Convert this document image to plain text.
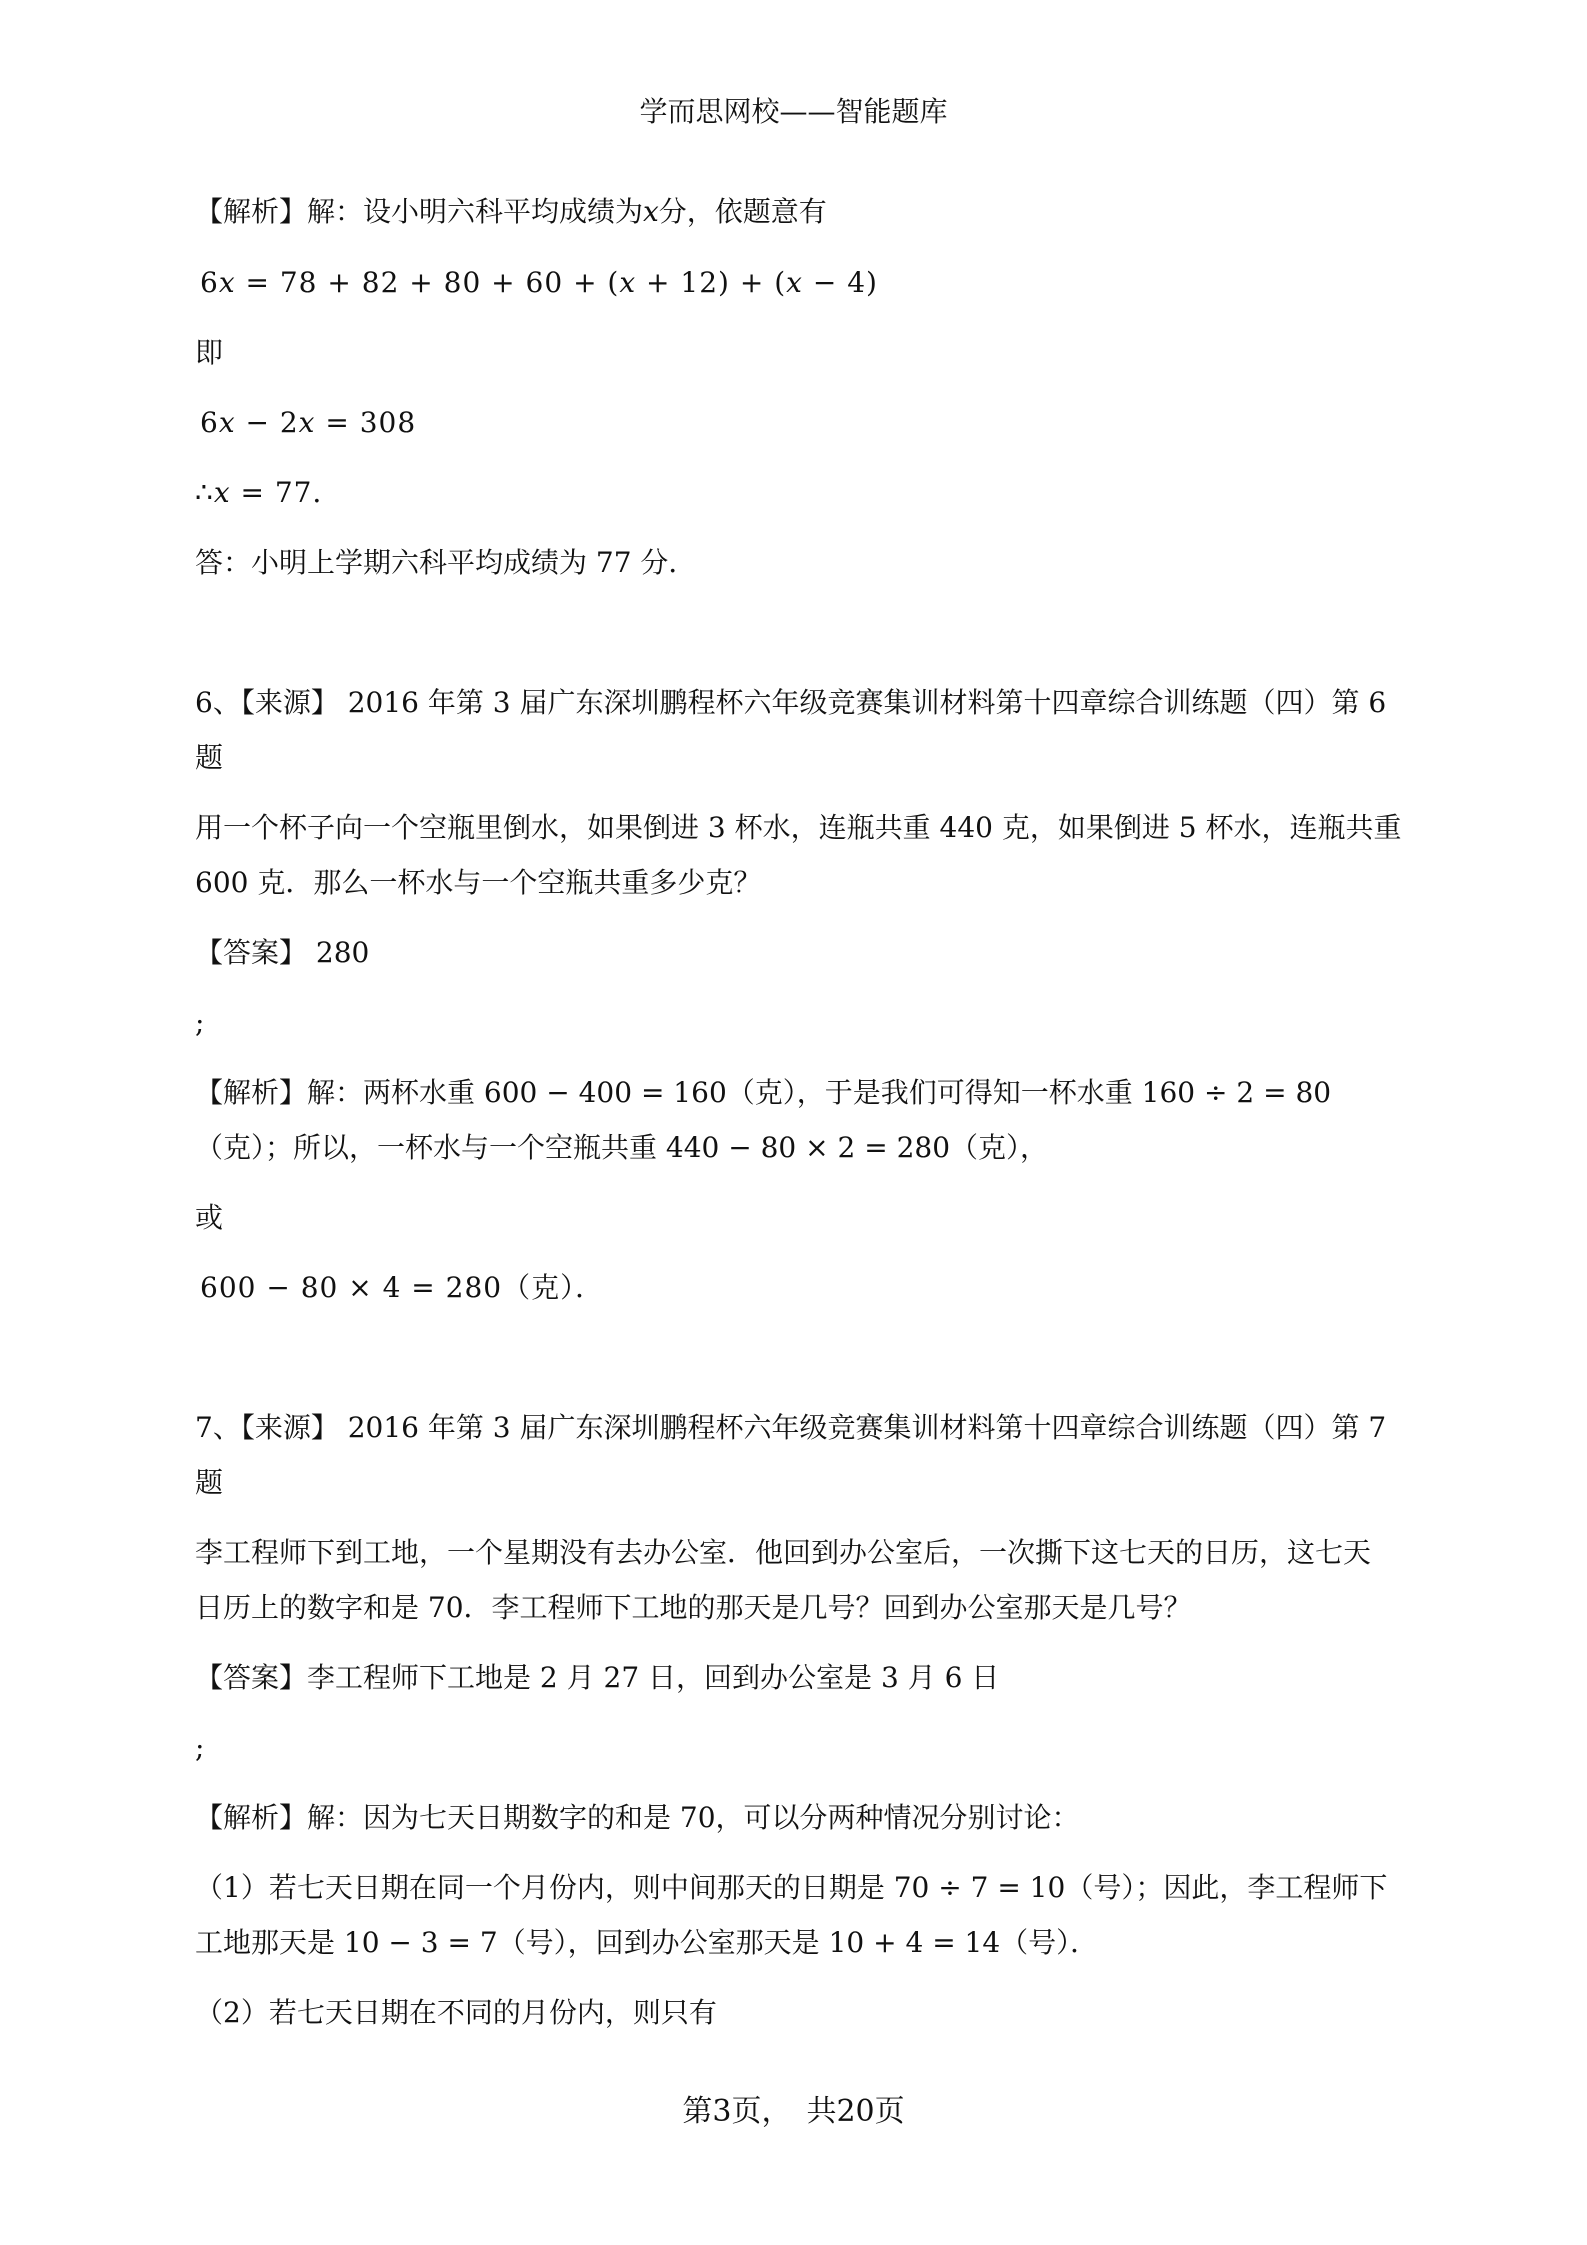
学而思网校——智能题库
【解析】解：设小明六科平均成绩为𝑥分，依题意有
6𝑥 = 78 + 82 + 80 + 60 + (𝑥 + 12) + (𝑥 − 4)
即
6𝑥 − 2𝑥 = 308
∴𝑥 = 77．
答：小明上学期六科平均成绩为 77 分．
6、【来源】 2016 年第 3 届广东深圳鹏程杯六年级竞赛集训材料第十四章综合训练题（四）第 6
题
用一个杯子向一个空瓶里倒水，如果倒进 3 杯水，连瓶共重 440 克，如果倒进 5 杯水，连瓶共重
600 克．那么一杯水与一个空瓶共重多少克？
【答案】 280
;
【解析】解：两杯水重 600 − 400 = 160（克），于是我们可得知一杯水重 160 ÷ 2 = 80
（克）；所以，一杯水与一个空瓶共重 440 − 80 × 2 = 280（克），
或
600 − 80 × 4 = 280（克）．
7、【来源】 2016 年第 3 届广东深圳鹏程杯六年级竞赛集训材料第十四章综合训练题（四）第 7
题
李工程师下到工地，一个星期没有去办公室．他回到办公室后，一次撕下这七天的日历，这七天
日历上的数字和是 70．李工程师下工地的那天是几号？回到办公室那天是几号？
【答案】李工程师下工地是 2 月 27 日，回到办公室是 3 月 6 日
;
【解析】解：因为七天日期数字的和是 70，可以分两种情况分别讨论：
（1）若七天日期在同一个月份内，则中间那天的日期是 70 ÷ 7 = 10（号）；因此，李工程师下
工地那天是 10 − 3 = 7（号），回到办公室那天是 10 + 4 = 14（号）．
（2）若七天日期在不同的月份内，则只有
第3页，　共20页
